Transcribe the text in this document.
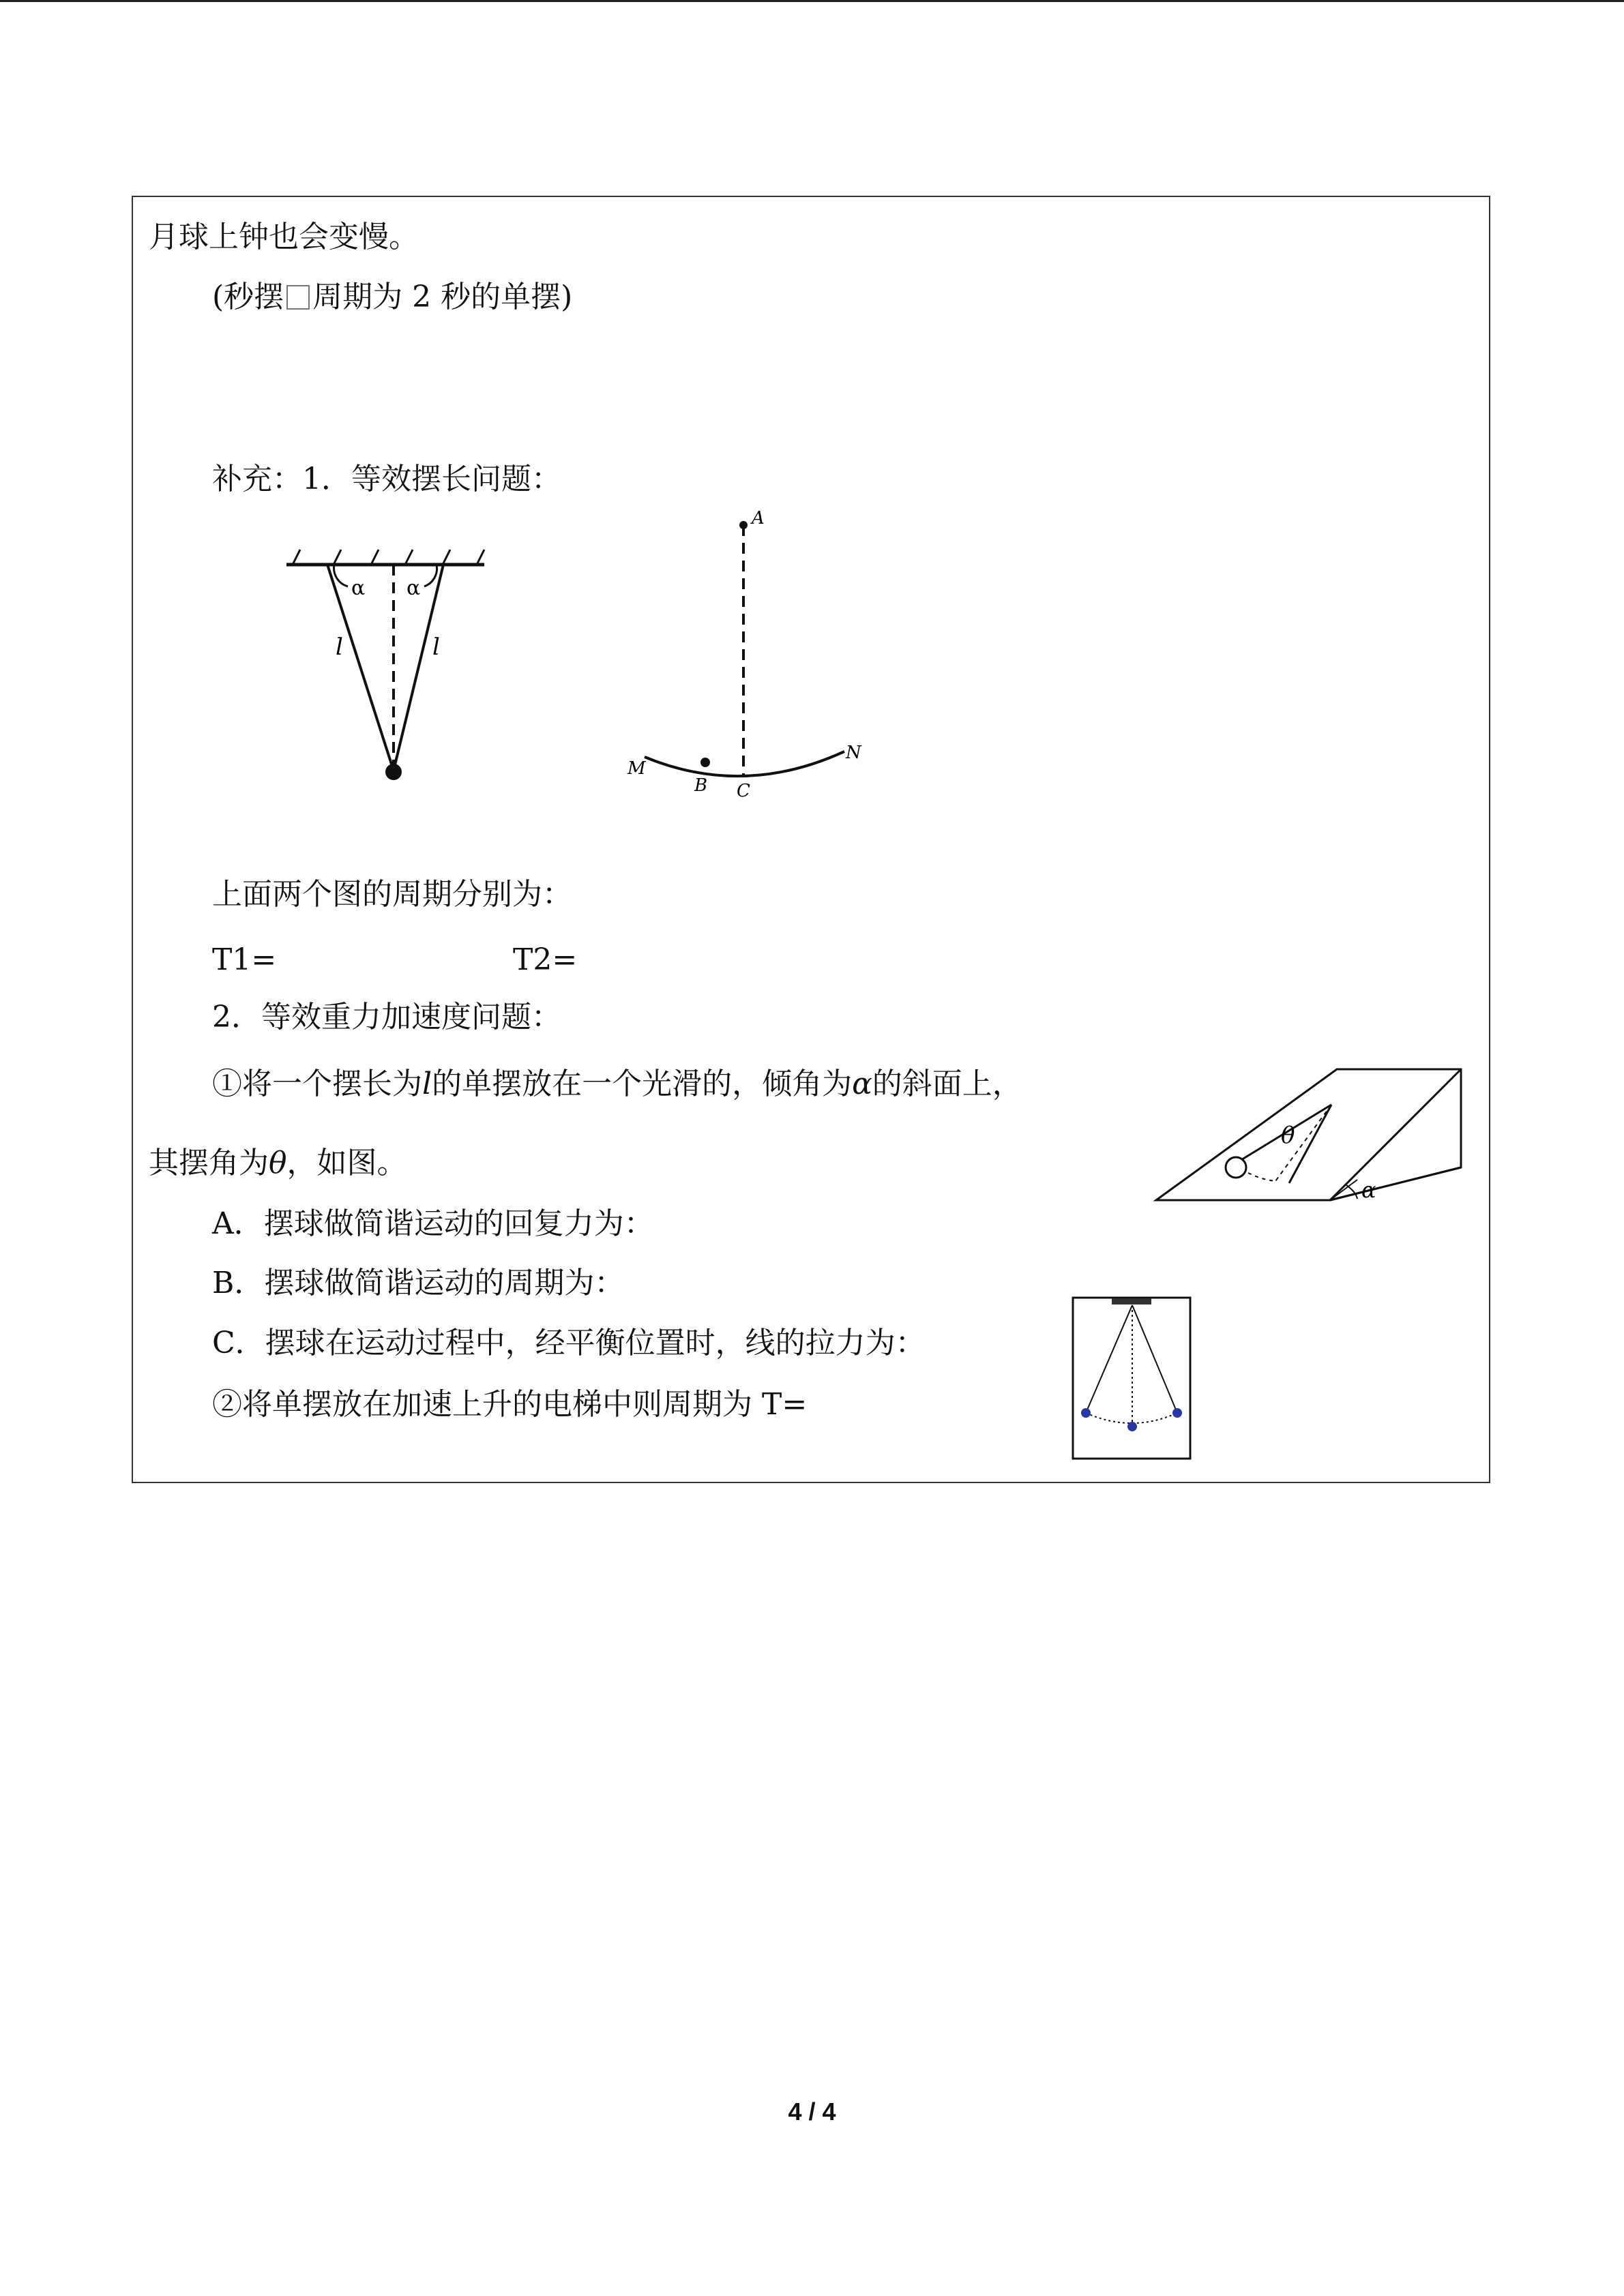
月球上钟也会变慢。
(秒摆 周期为 2 秒的单摆)
补充：1．等效摆长问题：
α α
l	l
A
M
B C
N
上面两个图的周期分别为：
T1=	T2=
2．等效重力加速度问题：
①将一个摆长为l的单摆放在一个光滑的，倾角为α的斜面上，
其摆角为θ，如图。
θ
α
A．摆球做简谐运动的回复力为：
B．摆球做简谐运动的周期为：
C．摆球在运动过程中，经平衡位置时，线的拉力为：
②将单摆放在加速上升的电梯中则周期为 T=
4 / 4
